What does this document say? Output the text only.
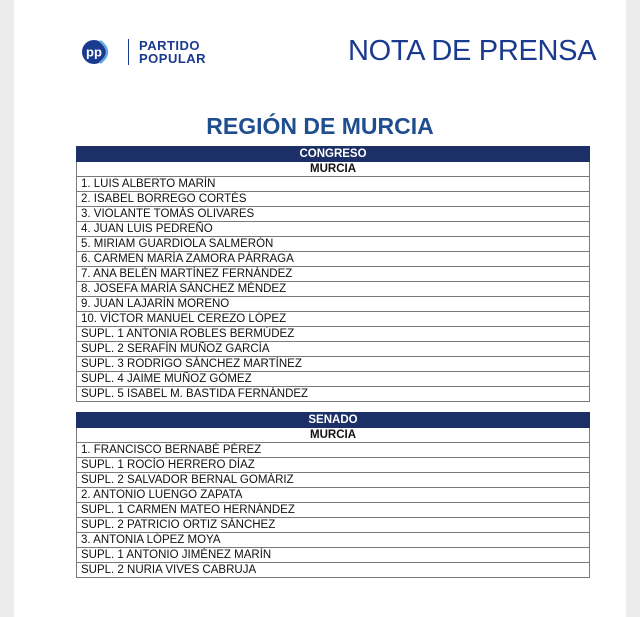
pp	PARTIDO
POPULAR	NOTA DE PRENSA
REGIÓN DE MURCIA
CONGRESO
MURCIA
1. LUIS ALBERTO MARÍN
2. ISABEL BORREGO CORTÉS
3. VIOLANTE TOMÁS OLIVARES
4. JUAN LUIS PEDREÑO
5. MIRIAM GUARDIOLA SALMERÓN
6. CARMEN MARÍA ZAMORA PÁRRAGA
7. ANA BELÉN MARTÍNEZ FERNÁNDEZ
8. JOSEFA MARÍA SÁNCHEZ MÉNDEZ
9. JUAN LAJARÍN MORENO
10. VÍCTOR MANUEL CEREZO LÓPEZ
SUPL. 1 ANTONIA ROBLES BERMÚDEZ
SUPL. 2 SERAFÍN MUÑOZ GARCÍA
SUPL. 3 RODRIGO SÁNCHEZ MARTÍNEZ
SUPL. 4 JAIME MUÑOZ GÓMEZ
SUPL. 5 ISABEL M. BASTIDA FERNÁNDEZ
SENADO
MURCIA
1. FRANCISCO BERNABÉ PÉREZ
SUPL. 1 ROCÍO HERRERO DÍAZ
SUPL. 2 SALVADOR BERNAL GOMÁRIZ
2. ANTONIO LUENGO ZAPATA
SUPL. 1 CARMEN MATEO HERNÁNDEZ
SUPL. 2 PATRICIO ORTIZ SÁNCHEZ
3. ANTONIA LÓPEZ MOYA
SUPL. 1 ANTONIO JIMÉNEZ MARÍN
SUPL. 2 NURIA VIVES CABRUJA
